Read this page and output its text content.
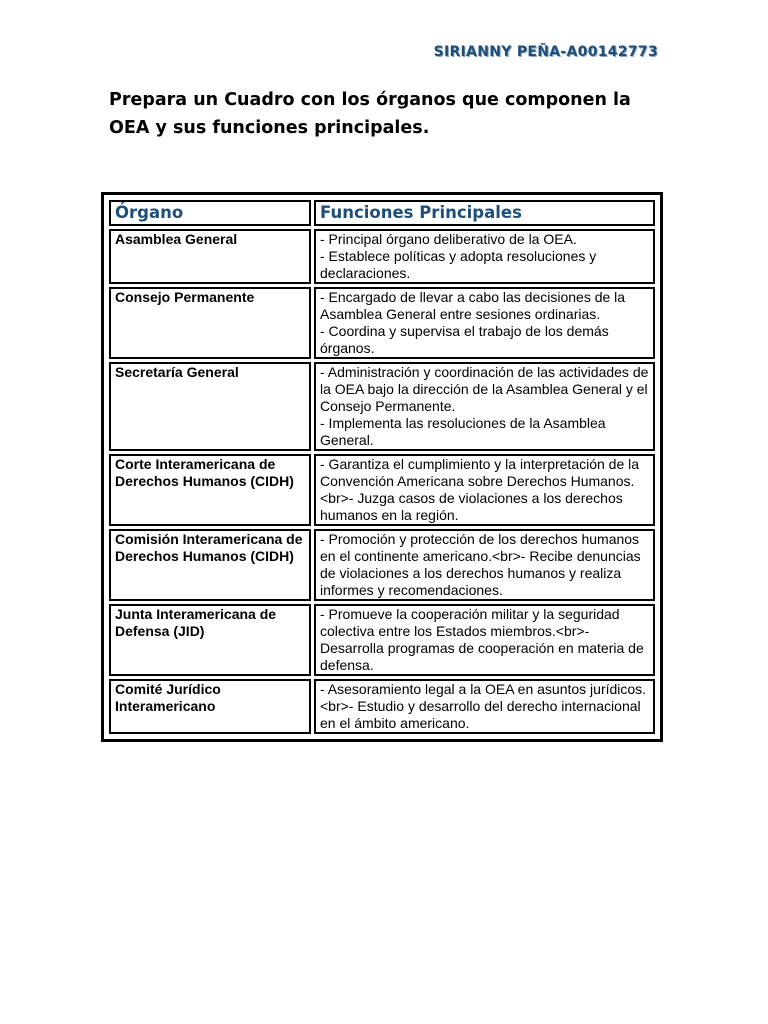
SIRIANNY PEÑA-A00142773
Prepara un Cuadro con los órganos que componen la OEA y sus funciones principales.
Órgano	Funciones Principales
Asamblea General	- Principal órgano deliberativo de la OEA.
- Establece políticas y adopta resoluciones y declaraciones.

Consejo Permanente	- Encargado de llevar a cabo las decisiones de la Asamblea General entre sesiones ordinarias.
- Coordina y supervisa el trabajo de los demás órganos.

Secretaría General	- Administración y coordinación de las actividades de la OEA bajo la dirección de la Asamblea General y el Consejo Permanente.
- Implementa las resoluciones de la Asamblea General.

Corte Interamericana de Derechos Humanos (CIDH)	- Garantiza el cumplimiento y la interpretación de la Convención Americana sobre Derechos Humanos.<br>- Juzga casos de violaciones a los derechos humanos en la región.

Comisión Interamericana de Derechos Humanos (CIDH)	- Promoción y protección de los derechos humanos en el continente americano.<br>- Recibe denuncias de violaciones a los derechos humanos y realiza informes y recomendaciones.

Junta Interamericana de Defensa (JID)	- Promueve la cooperación militar y la seguridad colectiva entre los Estados miembros.<br>- Desarrolla programas de cooperación en materia de defensa.

Comité Jurídico Interamericano	- Asesoramiento legal a la OEA en asuntos jurídicos.<br>- Estudio y desarrollo del derecho internacional en el ámbito americano.
